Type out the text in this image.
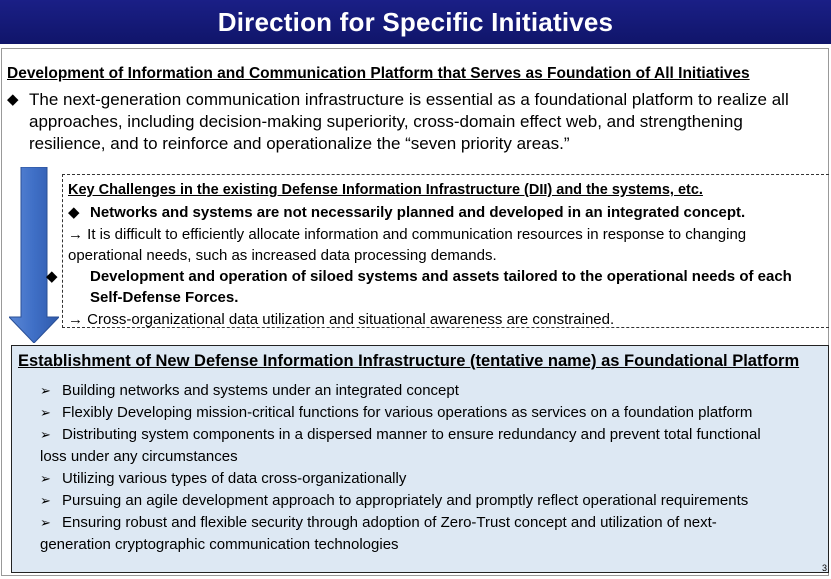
Direction for Specific Initiatives
Development of Information and Communication Platform that Serves as Foundation of All Initiatives
◆ The next-generation communication infrastructure is essential as a foundational platform to realize all approaches, including decision-making superiority, cross-domain effect web, and strengthening resilience, and to reinforce and operationalize the “seven priority areas.”
Key Challenges in the existing Defense Information Infrastructure (DII) and the systems, etc.
◆ Networks and systems are not necessarily planned and developed in an integrated concept.
→ It is difficult to efficiently allocate information and communication resources in response to changing
operational needs, such as increased data processing demands.
◆ Development and operation of siloed systems and assets tailored to the operational needs of each Self-Defense Forces.
→ Cross-organizational data utilization and situational awareness are constrained.
Establishment of New Defense Information Infrastructure (tentative name) as Foundational Platform
➢ Building networks and systems under an integrated concept
➢ Flexibly Developing mission-critical functions for various operations as services on a foundation platform
➢ Distributing system components in a dispersed manner to ensure redundancy and prevent total functional
loss under any circumstances
➢ Utilizing various types of data cross-organizationally
➢ Pursuing an agile development approach to appropriately and promptly reflect operational requirements
➢ Ensuring robust and flexible security through adoption of Zero-Trust concept and utilization of next-
generation cryptographic communication technologies
3
